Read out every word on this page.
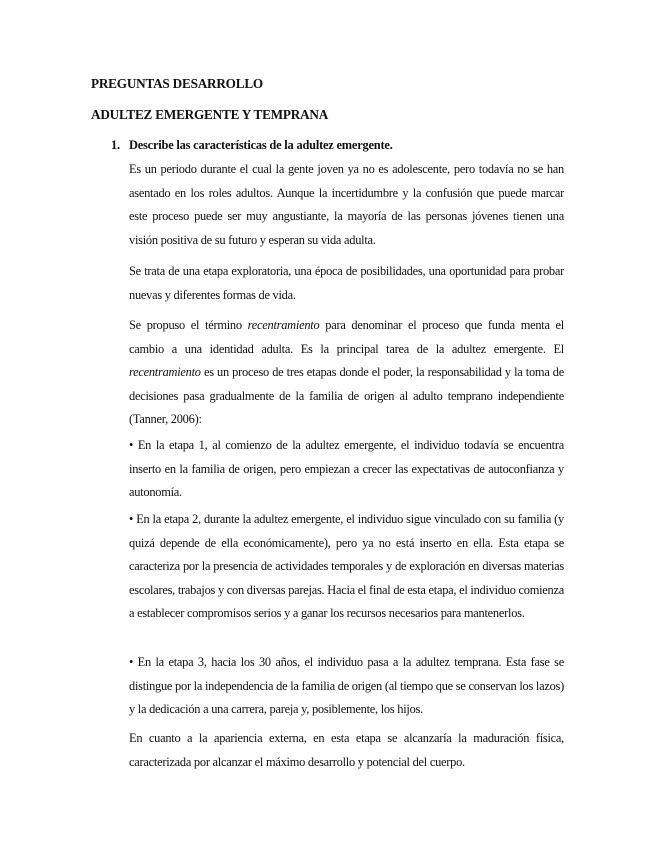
PREGUNTAS DESARROLLO
ADULTEZ EMERGENTE Y TEMPRANA
1. Describe las características de la adultez emergente.

Es un periodo durante el cual la gente joven ya no es adolescente, pero todavía no se han asentado en los roles adultos. Aunque la incertidumbre y la confusión que puede marcar este proceso puede ser muy angustiante, la mayoría de las personas jóvenes tienen una visión positiva de su futuro y esperan su vida adulta.

Se trata de una etapa exploratoria, una época de posibilidades, una oportunidad para probar nuevas y diferentes formas de vida.

Se propuso el término recentramiento para denominar el proceso que funda menta el cambio a una identidad adulta. Es la principal tarea de la adultez emergente. El recentramiento es un proceso de tres etapas donde el poder, la responsabilidad y la toma de decisiones pasa gradualmente de la familia de origen al adulto temprano independiente (Tanner, 2006):

• En la etapa 1, al comienzo de la adultez emergente, el individuo todavía se encuentra inserto en la familia de origen, pero empiezan a crecer las expectativas de autoconfianza y autonomía.

• En la etapa 2, durante la adultez emergente, el individuo sigue vinculado con su familia (y quizá depende de ella económicamente), pero ya no está inserto en ella. Esta etapa se caracteriza por la presencia de actividades temporales y de exploración en diversas materias escolares, trabajos y con diversas parejas. Hacia el final de esta etapa, el individuo comienza a establecer compromisos serios y a ganar los recursos necesarios para mantenerlos.

• En la etapa 3, hacia los 30 años, el individuo pasa a la adultez temprana. Esta fase se distingue por la independencia de la familia de origen (al tiempo que se conservan los lazos) y la dedicación a una carrera, pareja y, posiblemente, los hijos.

En cuanto a la apariencia externa, en esta etapa se alcanzaría la maduración física, caracterizada por alcanzar el máximo desarrollo y potencial del cuerpo.
